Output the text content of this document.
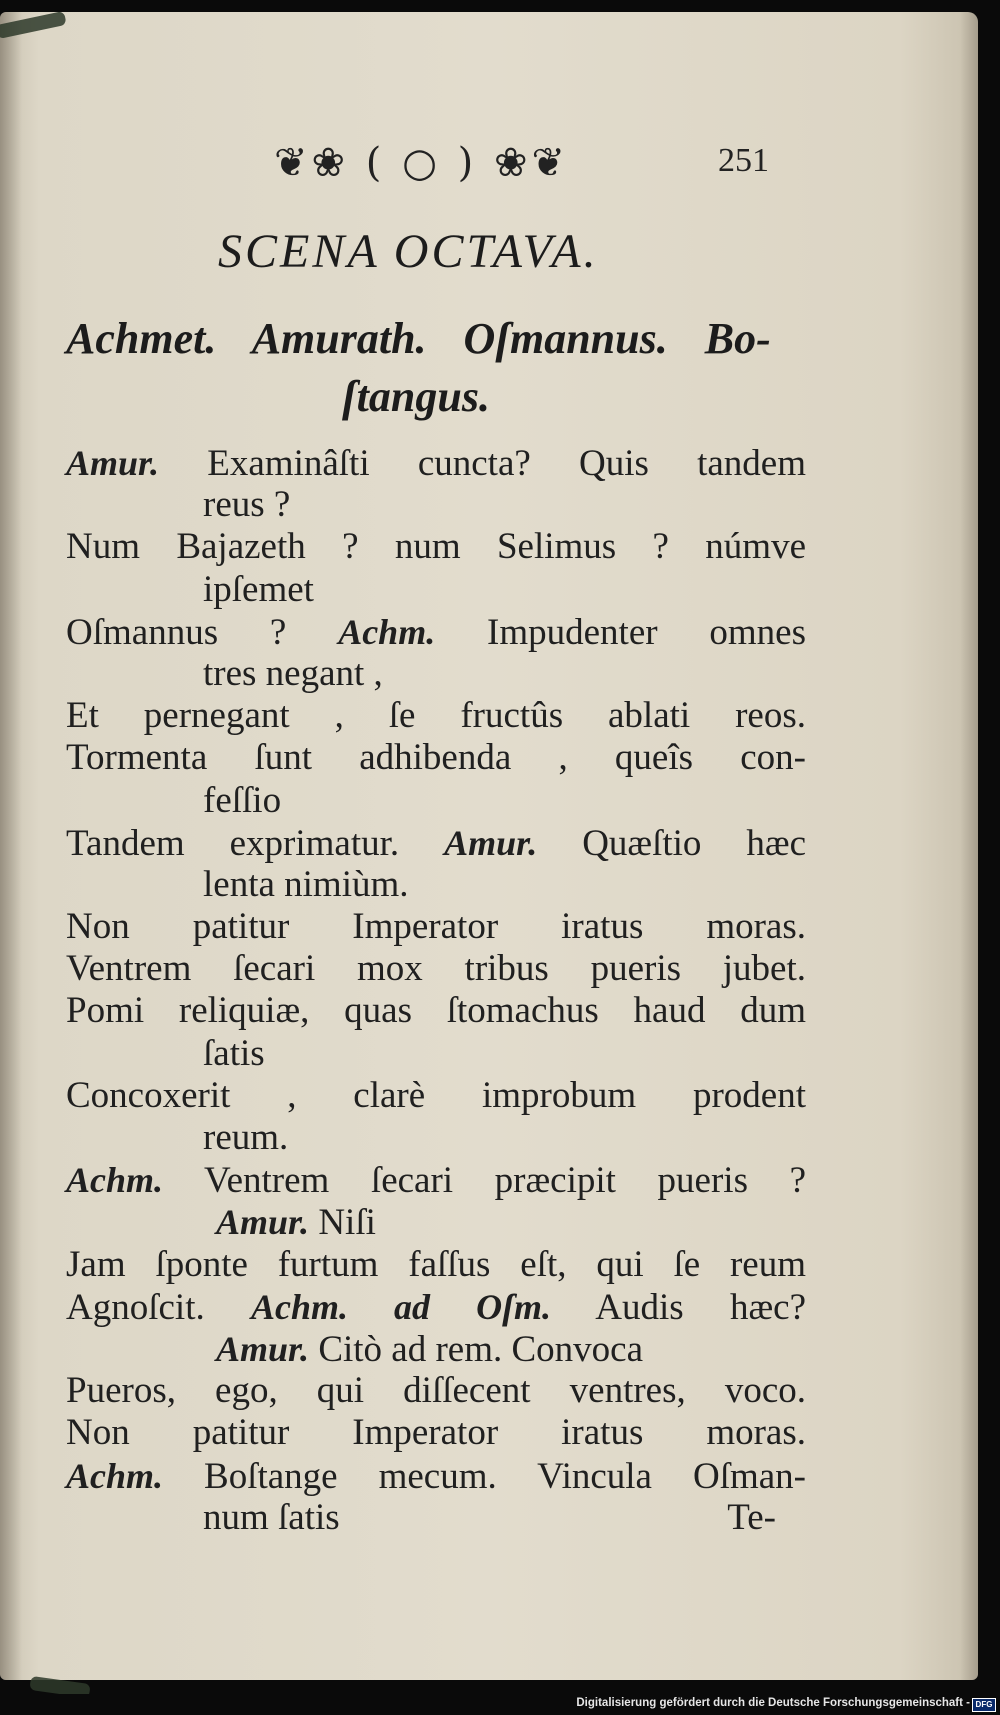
❦❀ ( ○ ) ❀❦	251
SCENA OCTAVA.
Achmet. Amurath. Oſmannus. Bo-
ſtangus.
Amur. Examinâſti cuncta? Quis tandem
reus ?
Num Bajazeth ? num Selimus ? númve
ipſemet
Oſmannus ? Achm. Impudenter omnes
tres negant ,
Et pernegant , ſe fructûs ablati reos.
Tormenta ſunt adhibenda , queîs con-
feſſio
Tandem exprimatur. Amur. Quæſtio hæc
lenta nimiùm.
Non patitur Imperator iratus moras.
Ventrem ſecari mox tribus pueris jubet.
Pomi reliquiæ, quas ſtomachus haud dum
ſatis
Concoxerit , clarè improbum prodent
reum.
Achm. Ventrem ſecari præcipit pueris ?
Amur. Niſi
Jam ſponte furtum faſſus eſt, qui ſe reum
Agnoſcit. Achm. ad Oſm. Audis hæc?
Amur. Citò ad rem. Convoca
Pueros, ego, qui diſſecent ventres, voco.
Non patitur Imperator iratus moras.
Achm. Boſtange mecum. Vincula Oſman-
num ſatis	Te-
Digitalisierung gefördert durch die Deutsche Forschungsgemeinschaft - DFG
